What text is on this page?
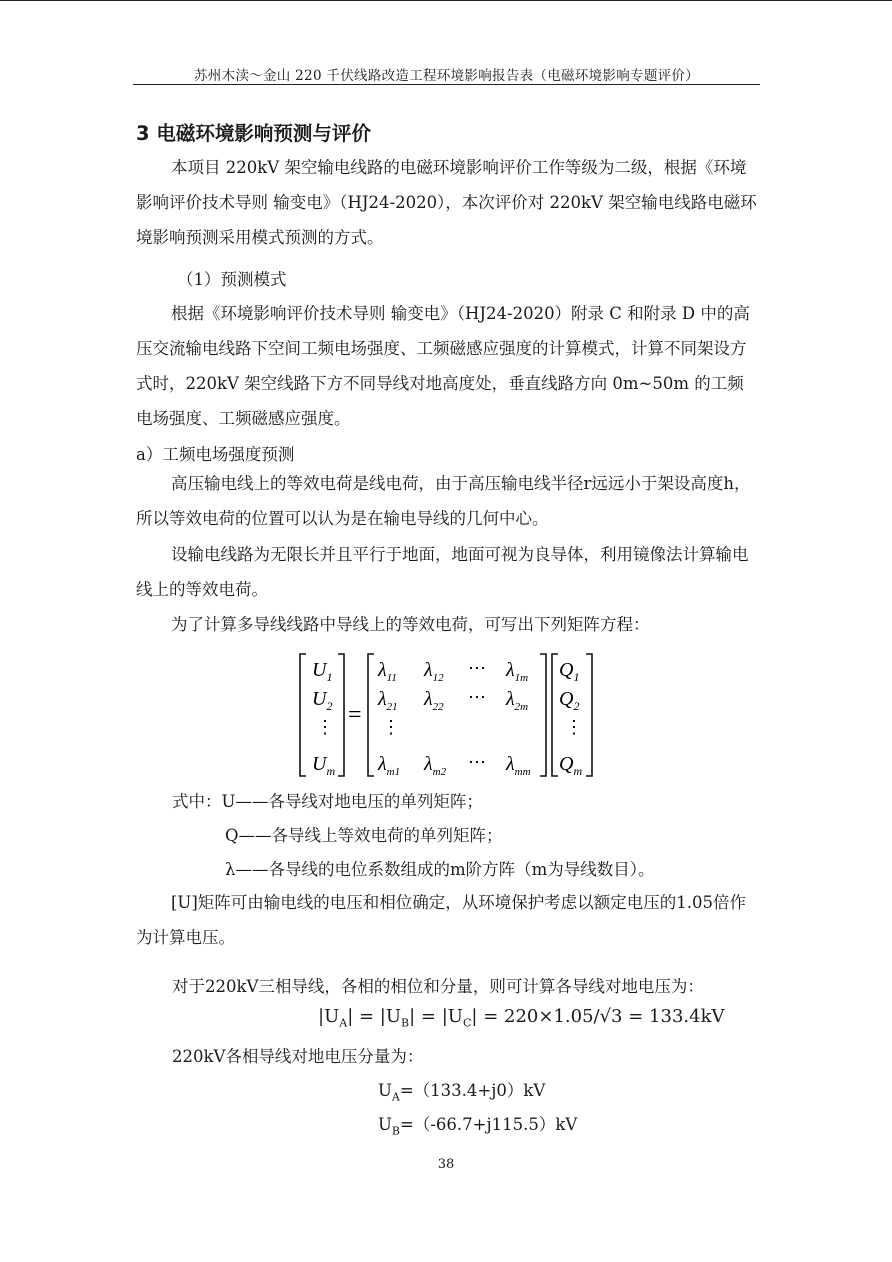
苏州木渎～金山 220 千伏线路改造工程环境影响报告表（电磁环境影响专题评价）
3 电磁环境影响预测与评价
本项目 220kV 架空输电线路的电磁环境影响评价工作等级为二级，根据《环境影响评价技术导则 输变电》（HJ24-2020），本次评价对 220kV 架空输电线路电磁环境影响预测采用模式预测的方式。
（1）预测模式
根据《环境影响评价技术导则 输变电》（HJ24-2020）附录 C 和附录 D 中的高压交流输电线路下空间工频电场强度、工频磁感应强度的计算模式，计算不同架设方式时，220kV 架空线路下方不同导线对地高度处，垂直线路方向 0m~50m 的工频电场强度、工频磁感应强度。
a）工频电场强度预测
高压输电线上的等效电荷是线电荷，由于高压输电线半径r远远小于架设高度h，所以等效电荷的位置可以认为是在输电导线的几何中心。
设输电线路为无限长并且平行于地面，地面可视为良导体，利用镜像法计算输电线上的等效电荷。
为了计算多导线线路中导线上的等效电荷，可写出下列矩阵方程：
$U_1$
$U_2$
⋮
$U_m$
=
$\lambda_{11}$ $\lambda_{12}$ ⋯ $\lambda_{1m}$
$\lambda_{21}$ $\lambda_{22}$ ⋯ $\lambda_{2m}$
⋮
$\lambda_{m1}$ $\lambda_{m2}$ ⋯ $\lambda_{mm}$
$Q_1$
$Q_2$
⋮
$Q_m$
式中：U——各导线对地电压的单列矩阵；
Q——各导线上等效电荷的单列矩阵；
λ——各导线的电位系数组成的m阶方阵（m为导线数目）。
[U]矩阵可由输电线的电压和相位确定，从环境保护考虑以额定电压的1.05倍作为计算电压。
对于220kV三相导线，各相的相位和分量，则可计算各导线对地电压为：
$|U_A| = |U_B| = |U_C| = 220\times 1.05/√3 = 133.4kV$
220kV各相导线对地电压分量为：
$U_A=(133.4+j0)kV$
$U_B=(-66.7+j115.5)kV$
38
